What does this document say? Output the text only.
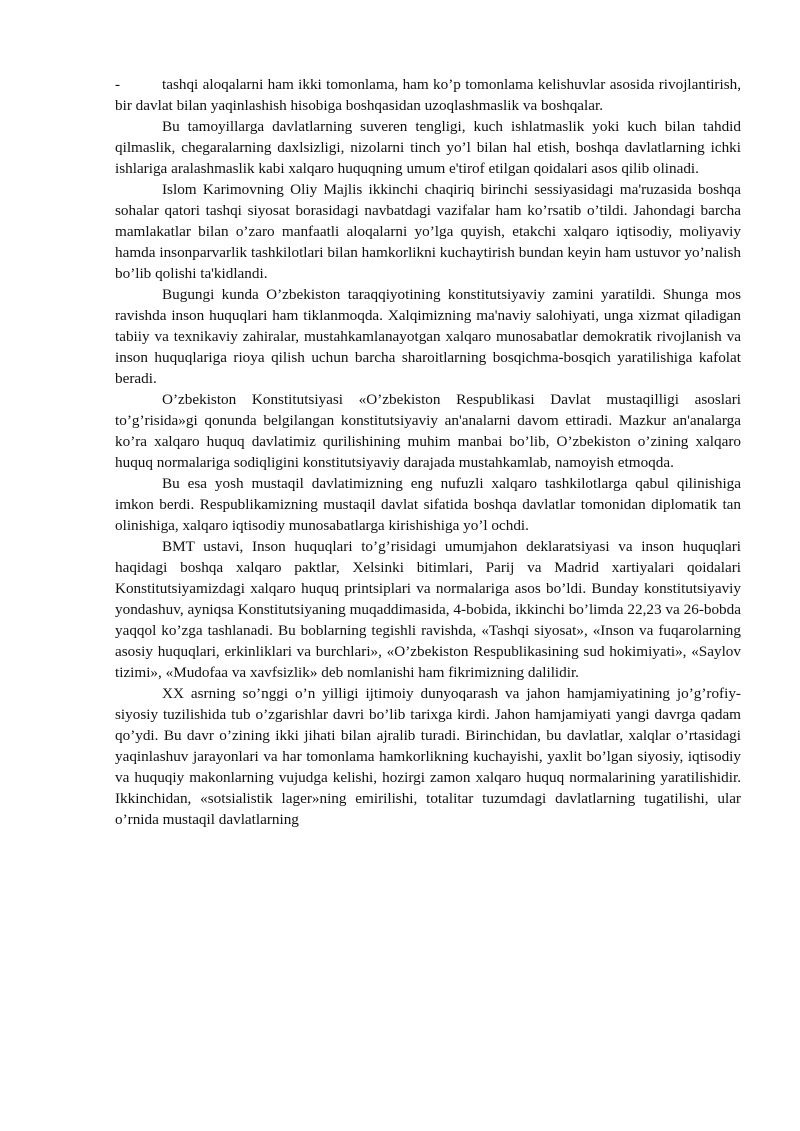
-	tashqi aloqalarni ham ikki tomonlama, ham ko’p tomonlama kelishuvlar asosida rivojlantirish, bir davlat bilan yaqinlashish hisobiga boshqasidan uzoqlashmaslik va boshqalar.

Bu tamoyillarga davlatlarning suveren tengligi, kuch ishlatmaslik yoki kuch bilan tahdid qilmaslik, chegaralarning daxlsizligi, nizolarni tinch yo’l bilan hal etish, boshqa davlatlarning ichki ishlariga aralashmaslik kabi xalqaro huquqning umum e'tirof etilgan qoidalari asos qilib olinadi.

Islom Karimovning Oliy Majlis ikkinchi chaqiriq birinchi sessiyasidagi ma'ruzasida boshqa sohalar qatori tashqi siyosat borasidagi navbatdagi vazifalar ham ko’rsatib o’tildi. Jahondagi barcha mamlakatlar bilan o’zaro manfaatli aloqalarni yo’lga quyish, etakchi xalqaro iqtisodiy, moliyaviy hamda insonparvarlik tashkilotlari bilan hamkorlikni kuchaytirish bundan keyin ham ustuvor yo’nalish bo’lib qolishi ta'kidlandi.

Bugungi kunda O’zbekiston taraqqiyotining konstitutsiyaviy zamini yaratildi. Shunga mos ravishda inson huquqlari ham tiklanmoqda. Xalqimizning ma'naviy salohiyati, unga xizmat qiladigan tabiiy va texnikaviy zahiralar, mustahkamlanayotgan xalqaro munosabatlar demokratik rivojlanish va inson huquqlariga rioya qilish uchun barcha sharoitlarning bosqichma-bosqich yaratilishiga kafolat beradi.

O’zbekiston Konstitutsiyasi «O’zbekiston Respublikasi Davlat mustaqilligi asoslari to’g’risida»gi qonunda belgilangan konstitutsiyaviy an'analarni davom ettiradi. Mazkur an'analarga ko’ra xalqaro huquq davlatimiz qurilishining muhim manbai bo’lib, O’zbekiston o’zining xalqaro huquq normalariga sodiqligini konstitutsiyaviy darajada mustahkamlab, namoyish etmoqda.

Bu esa yosh mustaqil davlatimizning eng nufuzli xalqaro tashkilotlarga qabul qilinishiga imkon berdi. Respublikamizning mustaqil davlat sifatida boshqa davlatlar tomonidan diplomatik tan olinishiga, xalqaro iqtisodiy munosabatlarga kirishishiga yo’l ochdi.

BMT ustavi, Inson huquqlari to’g’risidagi umumjahon deklaratsiyasi va inson huquqlari haqidagi boshqa xalqaro paktlar, Xelsinki bitimlari, Parij va Madrid xartiyalari qoidalari Konstitutsiyamizdagi xalqaro huquq printsiplari va normalariga asos bo’ldi. Bunday konstitutsiyaviy yondashuv, ayniqsa Konstitutsiyaning muqaddimasida, 4-bobida, ikkinchi bo’limda 22,23 va 26-bobda yaqqol ko’zga tashlanadi. Bu boblarning tegishli ravishda, «Tashqi siyosat», «Inson va fuqarolarning asosiy huquqlari, erkinliklari va burchlari», «O’zbekiston Respublikasining sud hokimiyati», «Saylov tizimi», «Mudofaa va xavfsizlik» deb nomlanishi ham fikrimizning dalilidir.

XX asrning so’nggi o’n yilligi ijtimoiy dunyoqarash va jahon hamjamiyatining jo’g’rofiy-siyosiy tuzilishida tub o’zgarishlar davri bo’lib tarixga kirdi. Jahon hamjamiyati yangi davrga qadam qo’ydi. Bu davr o’zining ikki jihati bilan ajralib turadi. Birinchidan, bu davlatlar, xalqlar o’rtasidagi yaqinlashuv jarayonlari va har tomonlama hamkorlikning kuchayishi, yaxlit bo’lgan siyosiy, iqtisodiy va huquqiy makonlarning vujudga kelishi, hozirgi zamon xalqaro huquq normalarining yaratilishidir. Ikkinchidan, «sotsialistik lager»ning emirilishi, totalitar tuzumdagi davlatlarning tugatilishi, ular o’rnida mustaqil davlatlarning
